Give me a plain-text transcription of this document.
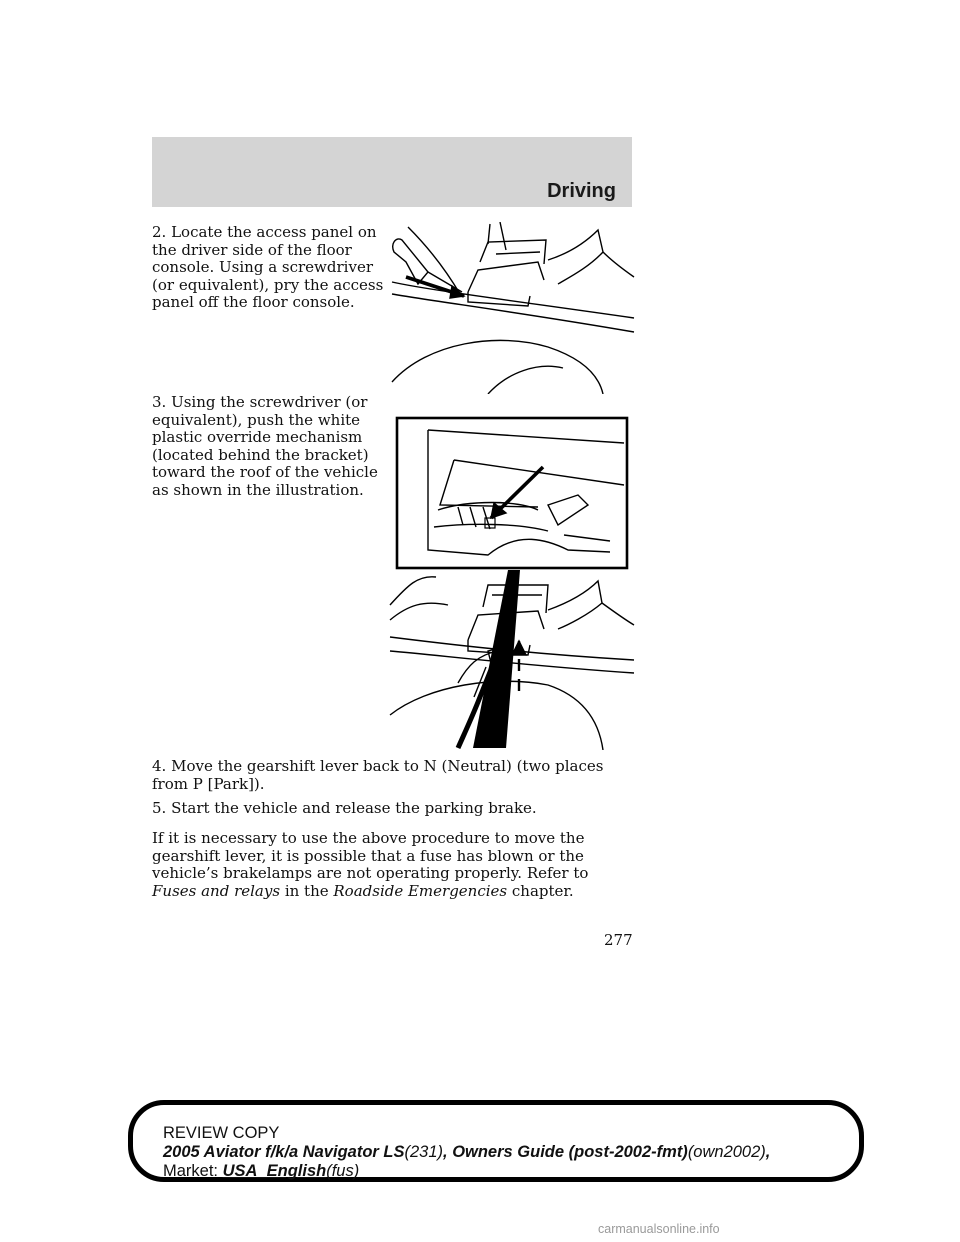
Driving

2. Locate the access panel on the driver side of the floor console. Using a screwdriver (or equivalent), pry the access panel off the floor console.

3. Using the screwdriver (or equivalent), push the white plastic override mechanism (located behind the bracket) toward the roof of the vehicle as shown in the illustration.

4. Move the gearshift lever back to N (Neutral) (two places from P [Park]).

5. Start the vehicle and release the parking brake.

If it is necessary to use the above procedure to move the gearshift lever, it is possible that a fuse has blown or the vehicle’s brakelamps are not operating properly. Refer to Fuses and relays in the Roadside Emergencies chapter.

277
REVIEW COPY
2005 Aviator f/k/a Navigator LS(231), Owners Guide (post-2002-fmt)(own2002),
Market: USA_English(fus)
carmanualsonline.info
